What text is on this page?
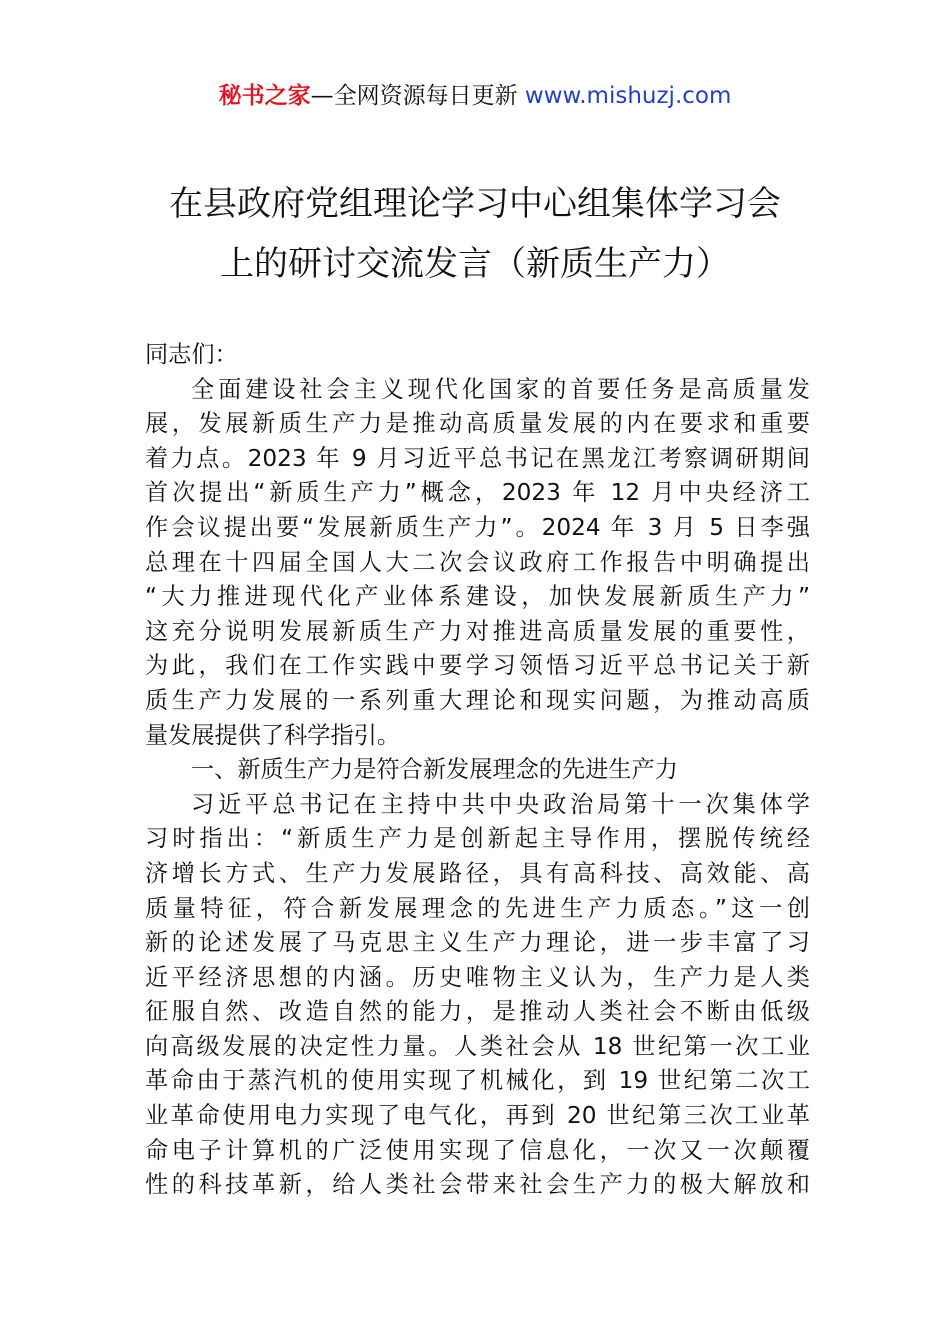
秘书之家—全网资源每日更新 www.mishuzj.com
在县政府党组理论学习中心组集体学习会
上的研讨交流发言（新质生产力）
同志们：
全面建设社会主义现代化国家的首要任务是高质量发
展，发展新质生产力是推动高质量发展的内在要求和重要
着力点。2023 年 9 月习近平总书记在黑龙江考察调研期间
首次提出“新质生产力”概念，2023 年 12 月中央经济工
作会议提出要“发展新质生产力”。2024 年 3 月 5 日李强
总理在十四届全国人大二次会议政府工作报告中明确提出
“大力推进现代化产业体系建设，加快发展新质生产力”
这充分说明发展新质生产力对推进高质量发展的重要性，
为此，我们在工作实践中要学习领悟习近平总书记关于新
质生产力发展的一系列重大理论和现实问题，为推动高质
量发展提供了科学指引。
一、新质生产力是符合新发展理念的先进生产力
习近平总书记在主持中共中央政治局第十一次集体学
习时指出：“新质生产力是创新起主导作用，摆脱传统经
济增长方式、生产力发展路径，具有高科技、高效能、高
质量特征，符合新发展理念的先进生产力质态。”这一创
新的论述发展了马克思主义生产力理论，进一步丰富了习
近平经济思想的内涵。历史唯物主义认为，生产力是人类
征服自然、改造自然的能力，是推动人类社会不断由低级
向高级发展的决定性力量。人类社会从 18 世纪第一次工业
革命由于蒸汽机的使用实现了机械化，到 19 世纪第二次工
业革命使用电力实现了电气化，再到 20 世纪第三次工业革
命电子计算机的广泛使用实现了信息化，一次又一次颠覆
性的科技革新，给人类社会带来社会生产力的极大解放和
